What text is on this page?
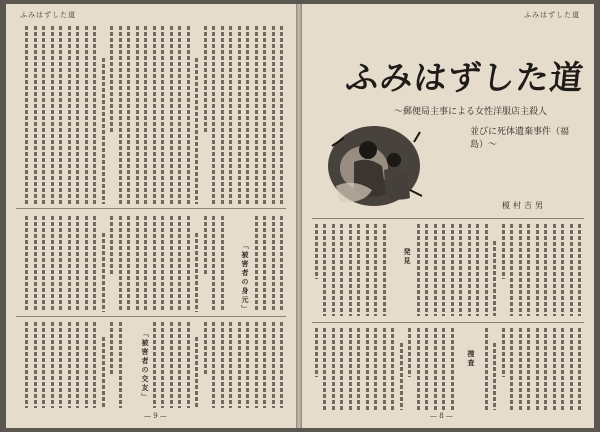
ふみはずした道
「被害者の身元」
「被害者の交友」
— 9 —
ふみはずした道
ふみはずした道
〜郵便局主事による女性洋服店主殺人
並びに死体遺棄事件（福島）〜
榎村吉男
発見
捜査
— 8 —
